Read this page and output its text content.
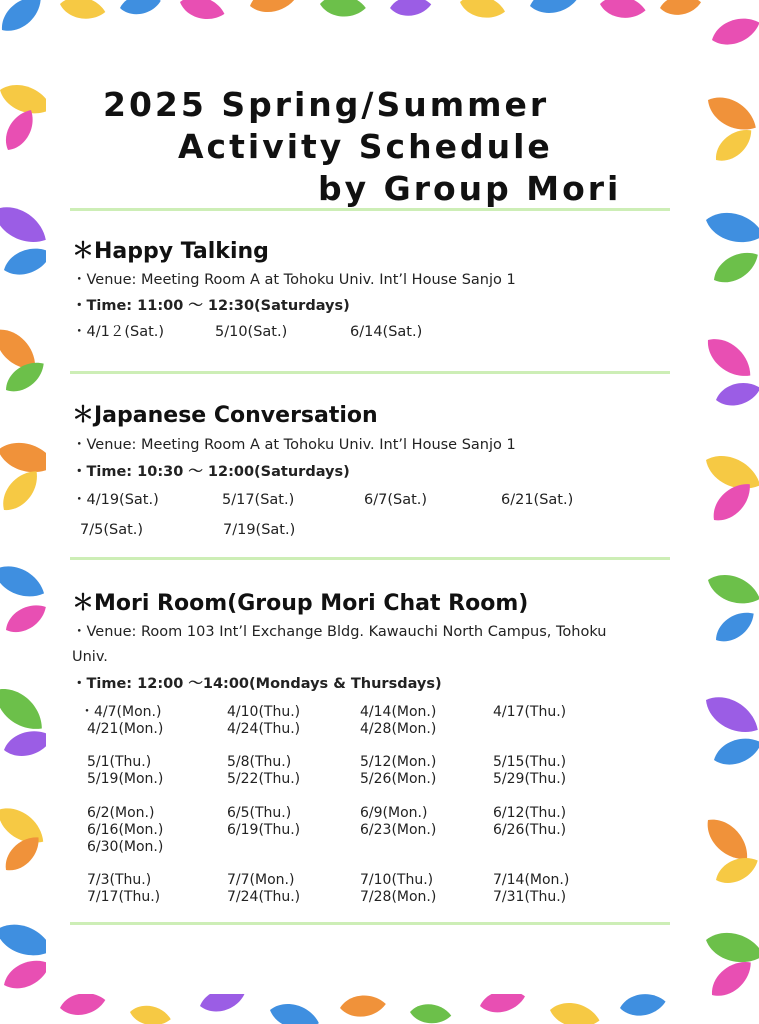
2025 Spring/Summer
Activity Schedule
by Group Mori
＊Happy Talking
・Venue: Meeting Room A at Tohoku Univ. Int’l House Sanjo 1
・Time: 11:00 ～ 12:30(Saturdays)
・4/1２(Sat.)	5/10(Sat.)	6/14(Sat.)
＊Japanese Conversation
・Venue: Meeting Room A at Tohoku Univ. Int’l House Sanjo 1
・Time: 10:30 ～ 12:00(Saturdays)
・4/19(Sat.)	5/17(Sat.)	6/7(Sat.)	6/21(Sat.)
7/5(Sat.)	7/19(Sat.)
＊Mori Room(Group Mori Chat Room)
・Venue: Room 103 Int’l Exchange Bldg. Kawauchi North Campus, Tohoku
Univ.
・Time: 12:00 ～14:00(Mondays & Thursdays)
・4/7(Mon.)	4/10(Thu.)	4/14(Mon.)	4/17(Thu.)
4/21(Mon.)	4/24(Thu.)	4/28(Mon.)
5/1(Thu.)	5/8(Thu.)	5/12(Mon.)	5/15(Thu.)
5/19(Mon.)	5/22(Thu.)	5/26(Mon.)	5/29(Thu.)
6/2(Mon.)	6/5(Thu.)	6/9(Mon.)	6/12(Thu.)
6/16(Mon.)	6/19(Thu.)	6/23(Mon.)	6/26(Thu.)
6/30(Mon.)
7/3(Thu.)	7/7(Mon.)	7/10(Thu.)	7/14(Mon.)
7/17(Thu.)	7/24(Thu.)	7/28(Mon.)	7/31(Thu.)
